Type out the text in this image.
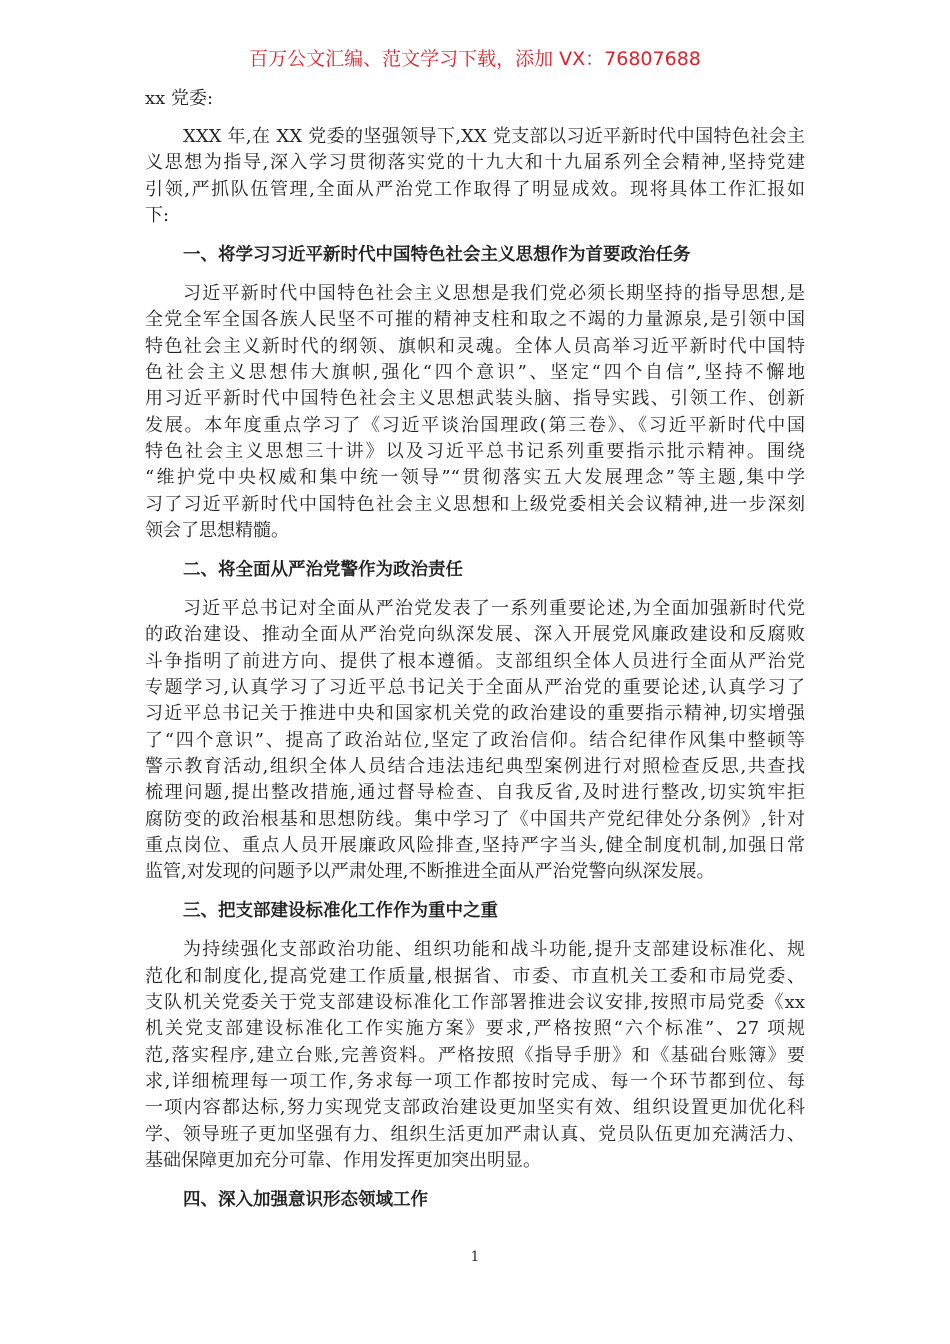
百万公文汇编、范文学习下载，添加 VX：76807688
xx 党委:
XXX 年,在 XX 党委的坚强领导下,XX 党支部以习近平新时代中国特色社会主
义思想为指导,深入学习贯彻落实党的十九大和十九届系列全会精神,坚持党建
引领,严抓队伍管理,全面从严治党工作取得了明显成效。现将具体工作汇报如
下:
一、将学习习近平新时代中国特色社会主义思想作为首要政治任务
习近平新时代中国特色社会主义思想是我们党必须长期坚持的指导思想,是
全党全军全国各族人民坚不可摧的精神支柱和取之不竭的力量源泉,是引领中国
特色社会主义新时代的纲领、旗帜和灵魂。全体人员高举习近平新时代中国特
色社会主义思想伟大旗帜,强化“四个意识”、坚定“四个自信”,坚持不懈地
用习近平新时代中国特色社会主义思想武装头脑、指导实践、引领工作、创新
发展。本年度重点学习了《习近平谈治国理政(第三卷》、《习近平新时代中国
特色社会主义思想三十讲》以及习近平总书记系列重要指示批示精神。围绕
“维护党中央权威和集中统一领导”“贯彻落实五大发展理念”等主题,集中学
习了习近平新时代中国特色社会主义思想和上级党委相关会议精神,进一步深刻
领会了思想精髓。
二、将全面从严治党警作为政治责任
习近平总书记对全面从严治党发表了一系列重要论述,为全面加强新时代党
的政治建设、推动全面从严治党向纵深发展、深入开展党风廉政建设和反腐败
斗争指明了前进方向、提供了根本遵循。支部组织全体人员进行全面从严治党
专题学习,认真学习了习近平总书记关于全面从严治党的重要论述,认真学习了
习近平总书记关于推进中央和国家机关党的政治建设的重要指示精神,切实增强
了“四个意识”、提高了政治站位,坚定了政治信仰。结合纪律作风集中整顿等
警示教育活动,组织全体人员结合违法违纪典型案例进行对照检查反思,共查找
梳理问题,提出整改措施,通过督导检查、自我反省,及时进行整改,切实筑牢拒
腐防变的政治根基和思想防线。集中学习了《中国共产党纪律处分条例》,针对
重点岗位、重点人员开展廉政风险排查,坚持严字当头,健全制度机制,加强日常
监管,对发现的问题予以严肃处理,不断推进全面从严治党警向纵深发展。
三、把支部建设标准化工作作为重中之重
为持续强化支部政治功能、组织功能和战斗功能,提升支部建设标准化、规
范化和制度化,提高党建工作质量,根据省、市委、市直机关工委和市局党委、
支队机关党委关于党支部建设标准化工作部署推进会议安排,按照市局党委《xx
机关党支部建设标准化工作实施方案》要求,严格按照“六个标准”、27 项规
范,落实程序,建立台账,完善资料。严格按照《指导手册》和《基础台账簿》要
求,详细梳理每一项工作,务求每一项工作都按时完成、每一个环节都到位、每
一项内容都达标,努力实现党支部政治建设更加坚实有效、组织设置更加优化科
学、领导班子更加坚强有力、组织生活更加严肃认真、党员队伍更加充满活力、
基础保障更加充分可靠、作用发挥更加突出明显。
四、深入加强意识形态领域工作
1
